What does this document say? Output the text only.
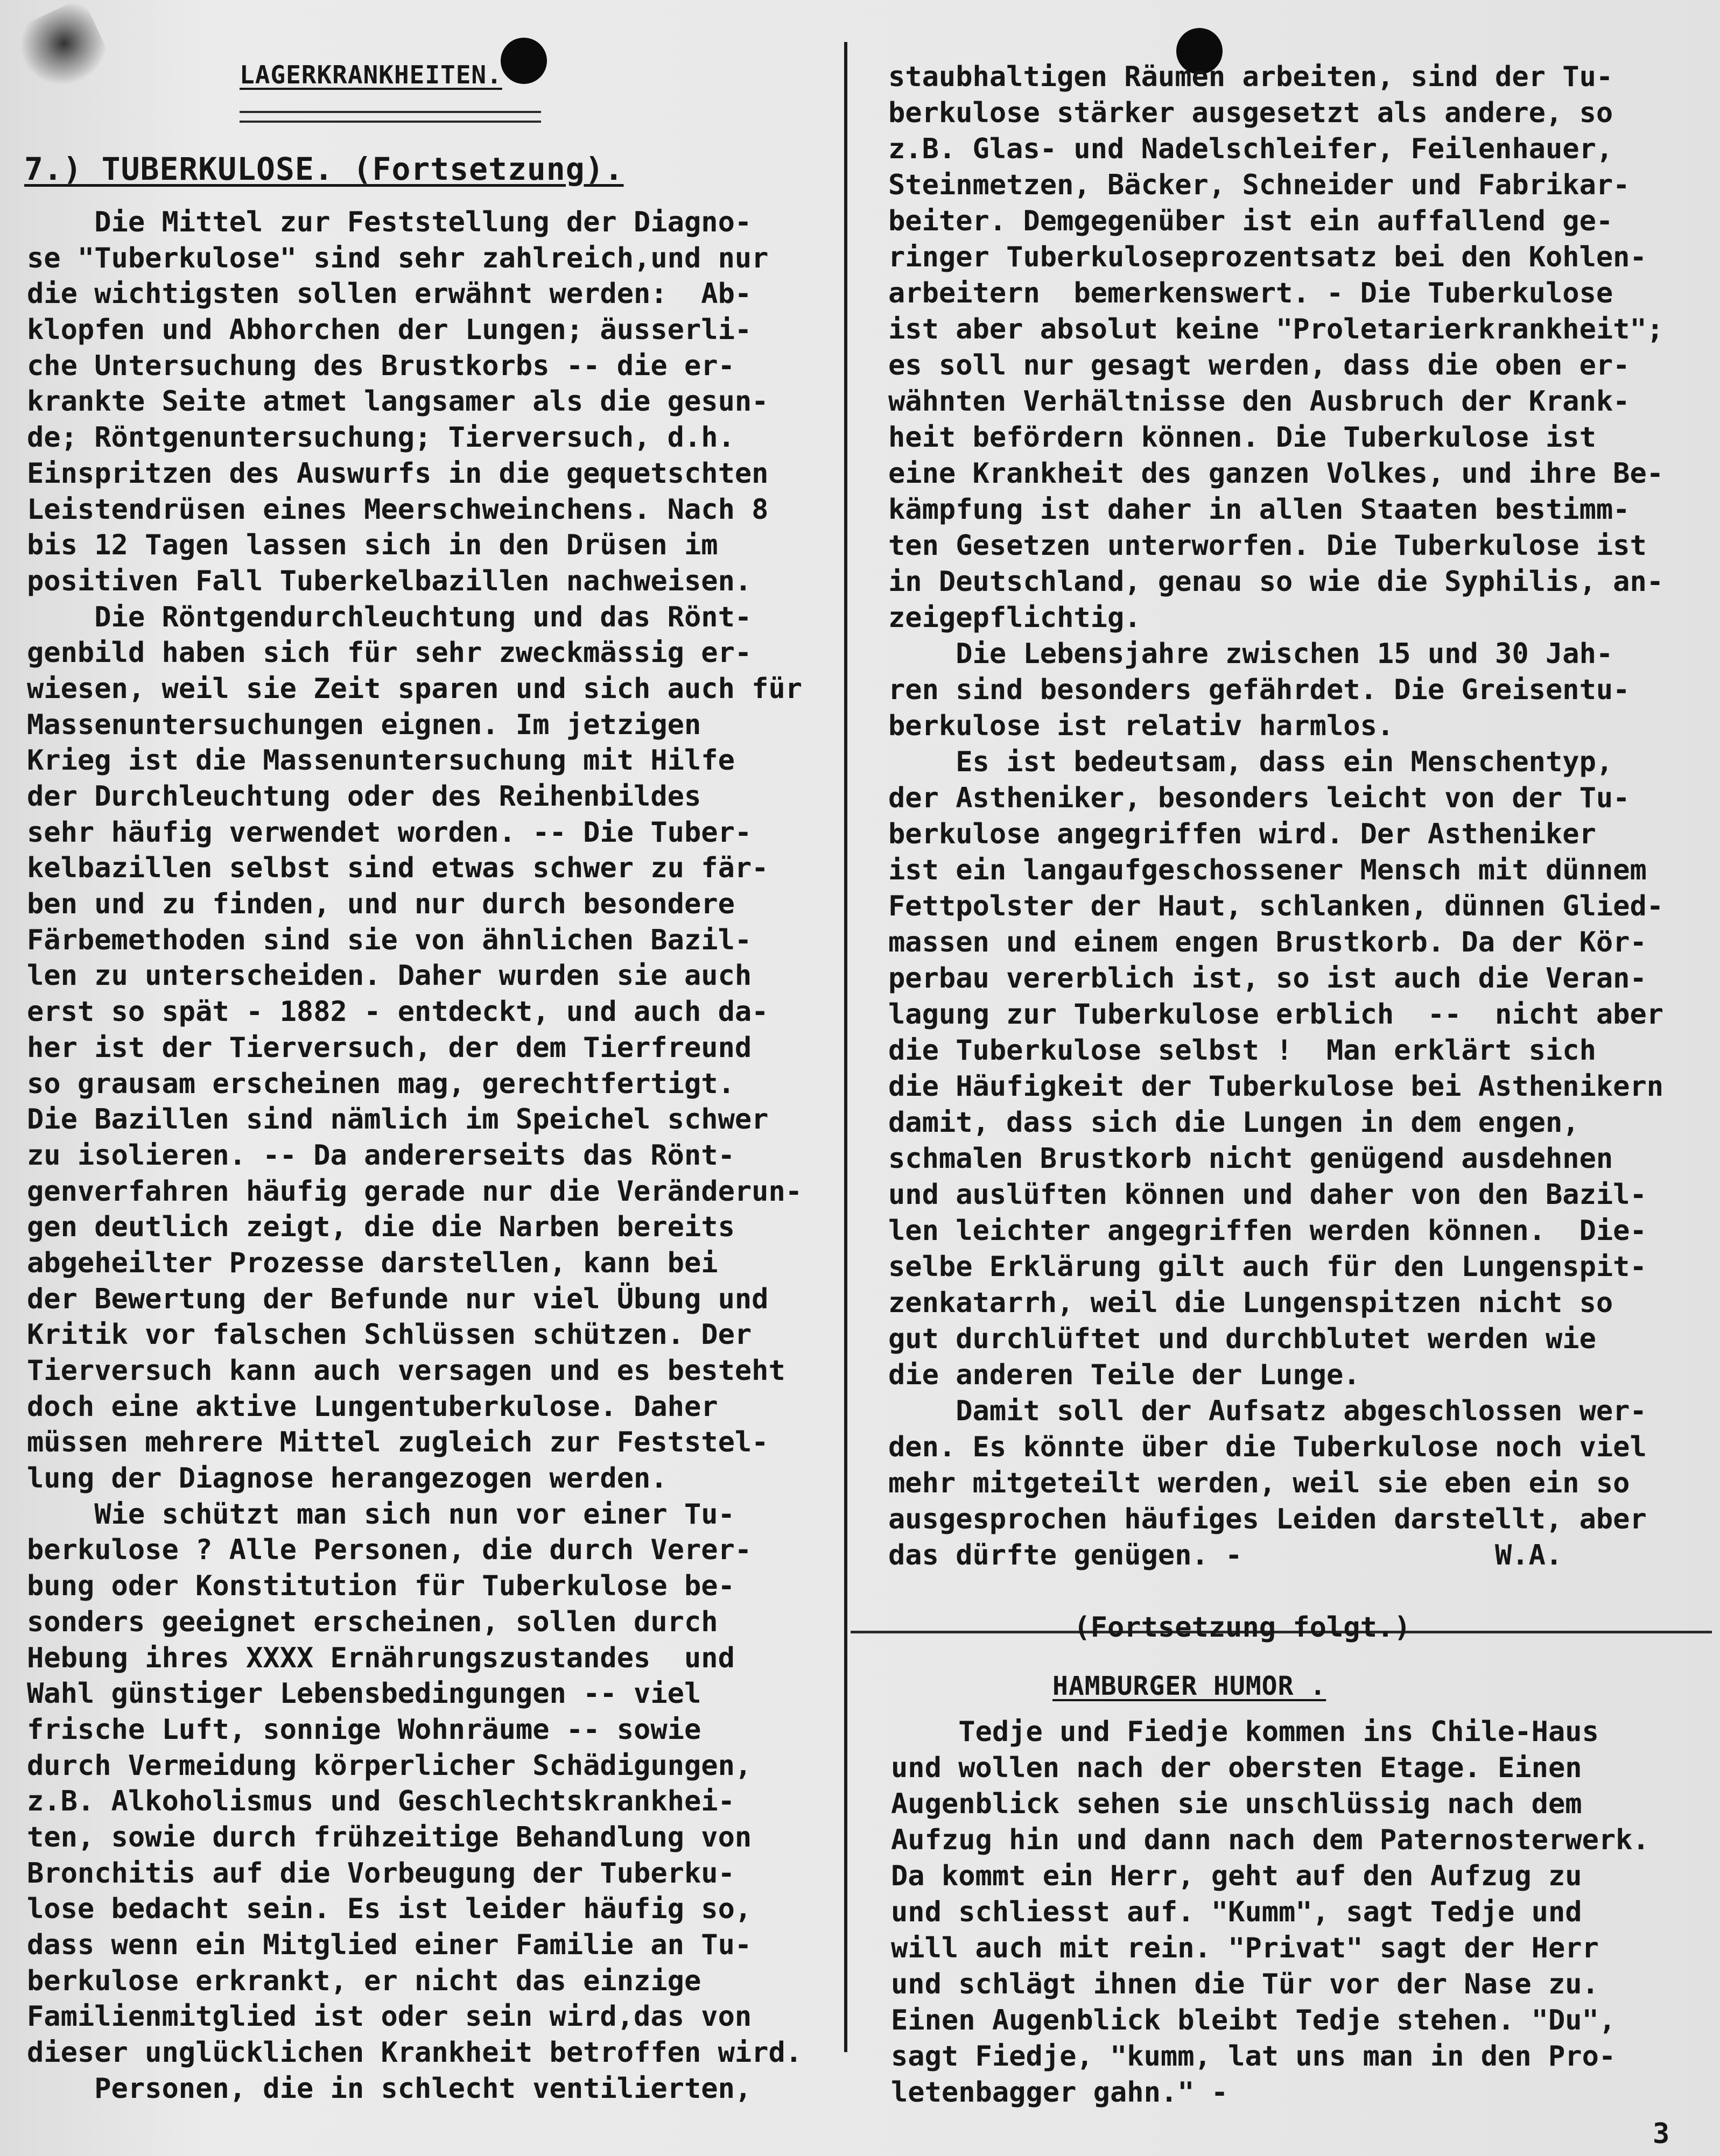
LAGERKRANKHEITEN.
7.) TUBERKULOSE. (Fortsetzung).
Die Mittel zur Feststellung der Diagno-
se "Tuberkulose" sind sehr zahlreich,und nur
die wichtigsten sollen erwähnt werden:  Ab-
klopfen und Abhorchen der Lungen; äusserli-
che Untersuchung des Brustkorbs -- die er-
krankte Seite atmet langsamer als die gesun-
de; Röntgenuntersuchung; Tierversuch, d.h.
Einspritzen des Auswurfs in die gequetschten
Leistendrüsen eines Meerschweinchens. Nach 8
bis 12 Tagen lassen sich in den Drüsen im
positiven Fall Tuberkelbazillen nachweisen.
Die Röntgendurchleuchtung und das Rönt-
genbild haben sich für sehr zweckmässig er-
wiesen, weil sie Zeit sparen und sich auch für
Massenuntersuchungen eignen. Im jetzigen
Krieg ist die Massenuntersuchung mit Hilfe
der Durchleuchtung oder des Reihenbildes
sehr häufig verwendet worden. -- Die Tuber-
kelbazillen selbst sind etwas schwer zu fär-
ben und zu finden, und nur durch besondere
Färbemethoden sind sie von ähnlichen Bazil-
len zu unterscheiden. Daher wurden sie auch
erst so spät - 1882 - entdeckt, und auch da-
her ist der Tierversuch, der dem Tierfreund
so grausam erscheinen mag, gerechtfertigt.
Die Bazillen sind nämlich im Speichel schwer
zu isolieren. -- Da andererseits das Rönt-
genverfahren häufig gerade nur die Veränderun-
gen deutlich zeigt, die die Narben bereits
abgeheilter Prozesse darstellen, kann bei
der Bewertung der Befunde nur viel Übung und
Kritik vor falschen Schlüssen schützen. Der
Tierversuch kann auch versagen und es besteht
doch eine aktive Lungentuberkulose. Daher
müssen mehrere Mittel zugleich zur Feststel-
lung der Diagnose herangezogen werden.
Wie schützt man sich nun vor einer Tu-
berkulose ? Alle Personen, die durch Verer-
bung oder Konstitution für Tuberkulose be-
sonders geeignet erscheinen, sollen durch
Hebung ihres XXXX Ernährungszustandes  und
Wahl günstiger Lebensbedingungen -- viel
frische Luft, sonnige Wohnräume -- sowie
durch Vermeidung körperlicher Schädigungen,
z.B. Alkoholismus und Geschlechtskrankhei-
ten, sowie durch frühzeitige Behandlung von
Bronchitis auf die Vorbeugung der Tuberku-
lose bedacht sein. Es ist leider häufig so,
dass wenn ein Mitglied einer Familie an Tu-
berkulose erkrankt, er nicht das einzige
Familienmitglied ist oder sein wird,das von
dieser unglücklichen Krankheit betroffen wird.
Personen, die in schlecht ventilierten,
staubhaltigen Räumen arbeiten, sind der Tu-
berkulose stärker ausgesetzt als andere, so
z.B. Glas- und Nadelschleifer, Feilenhauer,
Steinmetzen, Bäcker, Schneider und Fabrikar-
beiter. Demgegenüber ist ein auffallend ge-
ringer Tuberkuloseprozentsatz bei den Kohlen-
arbeitern  bemerkenswert. - Die Tuberkulose
ist aber absolut keine "Proletarierkrankheit";
es soll nur gesagt werden, dass die oben er-
wähnten Verhältnisse den Ausbruch der Krank-
heit befördern können. Die Tuberkulose ist
eine Krankheit des ganzen Volkes, und ihre Be-
kämpfung ist daher in allen Staaten bestimm-
ten Gesetzen unterworfen. Die Tuberkulose ist
in Deutschland, genau so wie die Syphilis, an-
zeigepflichtig.
Die Lebensjahre zwischen 15 und 30 Jah-
ren sind besonders gefährdet. Die Greisentu-
berkulose ist relativ harmlos.
Es ist bedeutsam, dass ein Menschentyp,
der Astheniker, besonders leicht von der Tu-
berkulose angegriffen wird. Der Astheniker
ist ein langaufgeschossener Mensch mit dünnem
Fettpolster der Haut, schlanken, dünnen Glied-
massen und einem engen Brustkorb. Da der Kör-
perbau vererblich ist, so ist auch die Veran-
lagung zur Tuberkulose erblich  --  nicht aber
die Tuberkulose selbst !  Man erklärt sich
die Häufigkeit der Tuberkulose bei Asthenikern
damit, dass sich die Lungen in dem engen,
schmalen Brustkorb nicht genügend ausdehnen
und auslüften können und daher von den Bazil-
len leichter angegriffen werden können.  Die-
selbe Erklärung gilt auch für den Lungenspit-
zenkatarrh, weil die Lungenspitzen nicht so
gut durchlüftet und durchblutet werden wie
die anderen Teile der Lunge.
Damit soll der Aufsatz abgeschlossen wer-
den. Es könnte über die Tuberkulose noch viel
mehr mitgeteilt werden, weil sie eben ein so
ausgesprochen häufiges Leiden darstellt, aber
das dürfte genügen. -               W.A.
(Fortsetzung folgt.)
HAMBURGER HUMOR .
Tedje und Fiedje kommen ins Chile-Haus
und wollen nach der obersten Etage. Einen
Augenblick sehen sie unschlüssig nach dem
Aufzug hin und dann nach dem Paternosterwerk.
Da kommt ein Herr, geht auf den Aufzug zu
und schliesst auf. "Kumm", sagt Tedje und
will auch mit rein. "Privat" sagt der Herr
und schlägt ihnen die Tür vor der Nase zu.
Einen Augenblick bleibt Tedje stehen. "Du",
sagt Fiedje, "kumm, lat uns man in den Pro-
letenbagger gahn." -
3
